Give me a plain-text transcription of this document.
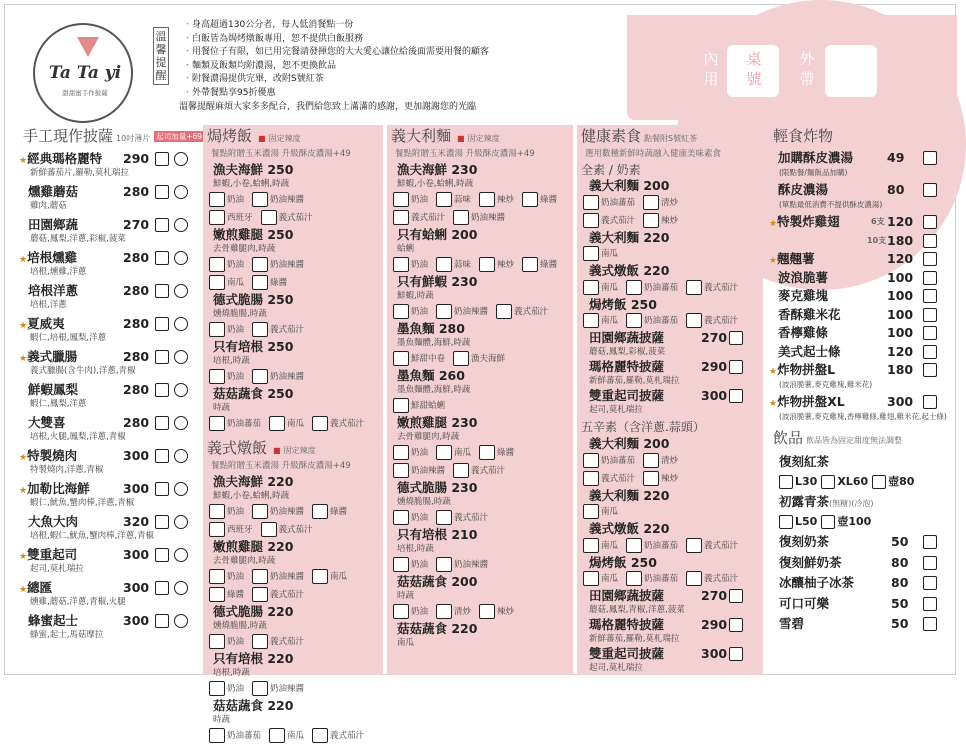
Ta Ta yi
甜甜蜜手作披薩
溫馨提醒
・身高超過130公分者，每人低消餐點一份
・白飯皆為焗烤燉飯專用，恕不提供白飯服務
・用餐位子有限，如已用完餐請發揮您的大大愛心讓位給後面需要用餐的顧客
・麵類及飯類均附濃湯，恕不更換飲品
・附餐濃湯提供完畢，改附S號紅茶
・外帶餐點享95折優惠
溫馨提醒麻煩大家多多配合，我們給您致上滿滿的感謝，更加謝謝您的光臨
內用
桌號
外帶
手工現作披薩 10吋薄片 起司加量+69
★經典瑪格麗特 290
新鮮蕃茄片,羅勒,莫札瑞拉
燻雞蘑菇	280
雞肉,蘑菇
田園鄉蔬	270
蘑菇,鳳梨,洋蔥,彩椒,菠菜
★培根燻雞	280
培根,燻雞,洋蔥
培根洋蔥	280
培根,洋蔥
★夏威夷	280
蝦仁,培根,鳳梨,洋蔥
★義式臘腸	280
義式臘腸(含牛肉),洋蔥,青椒
鮮蝦鳳梨	280
蝦仁,鳳梨,洋蔥
大雙喜	280
培根,火腿,鳳梨,洋蔥,青椒
★特製燒肉	300
特製燒肉,洋蔥,青椒
★加勒比海鮮	300
蝦仁,魷魚,蟹肉棒,洋蔥,青椒
大魚大肉	320
培根,蝦仁,魷魚,蟹肉棒,洋蔥,青椒
★雙重起司	300
起司,莫札瑞拉
★總匯	300
燻雞,蘑菇,洋蔥,青椒,火腿
蜂蜜起士	300
蜂蜜,起士,馬菇摩拉
焗烤飯 ■ 固定辣度
餐點附贈玉米濃湯 升級酥皮濃湯+49
漁夫海鮮 250
鮮蝦,小卷,蛤蜊,時蔬
奶油	奶油辣醬
西班牙	義式茄汁
嫩煎雞腿 250
去骨雞腿肉,時蔬
奶油	奶油辣醬
南瓜	綠醬
德式脆腸 250
燻燒脆腸,時蔬
奶油	義式茄汁
只有培根 250
培根,時蔬
奶油	奶油辣醬
菇菇蔬食 250
時蔬
奶油蕃茄	南瓜	義式茄汁
義式燉飯 ■ 固定辣度
餐點附贈玉米濃湯 升級酥皮濃湯+49
漁夫海鮮 220
鮮蝦,小卷,蛤蜊,時蔬
奶油	奶油辣醬	綠醬
西班牙	義式茄汁
嫩煎雞腿 220
去骨雞腿肉,時蔬
奶油	奶油辣醬	南瓜
綠醬	義式茄汁
德式脆腸 220
燻燒脆腸,時蔬
奶油	義式茄汁
只有培根 220
培根,時蔬
奶油	奶油辣醬
菇菇蔬食 220
時蔬
奶油蕃茄	南瓜	義式茄汁
義大利麵 ■ 固定辣度
餐點附贈玉米濃湯 升級酥皮濃湯+49
漁夫海鮮 230
鮮蝦,小卷,蛤蜊,時蔬
奶油	蒜味	辣炒	綠醬
義式茄汁	奶油辣醬
只有蛤蜊 200
蛤蜊
奶油	蒜味	辣炒	綠醬
只有鮮蝦 230
鮮蝦,時蔬
奶油	奶油辣醬	義式茄汁
墨魚麵 280
墨魚麵體,海鮮,時蔬
鮮甜中卷	漁夫海鮮
墨魚麵 260
墨魚麵體,海鮮,時蔬
鮮甜蛤蜊
嫩煎雞腿 230
去骨雞腿肉,時蔬
奶油	南瓜	綠醬
奶油辣醬	義式茄汁
德式脆腸 230
燻燒脆腸,時蔬
奶油	義式茄汁
只有培根 210
培根,時蔬
奶油	奶油辣醬
菇菇蔬食 200
時蔬
奶油	清炒	辣炒
菇菇蔬食 220
南瓜
健康素食 點餐附S號紅茶
選用數種新鮮時蔬融入健康美味素食
全素 / 奶素
義大利麵 200
奶油蕃茄	清炒
義式茄汁	辣炒
義大利麵 220
南瓜
義式燉飯 220
南瓜	奶油蕃茄	義式茄汁
焗烤飯 250
南瓜	奶油蕃茄	義式茄汁
田園鄉蔬披薩	270
蘑菇,鳳梨,彩椒,菠菜
瑪格麗特披薩	290
新鮮蕃茄,羅勒,莫札瑞拉
雙重起司披薩	300
起司,莫札瑞拉
五辛素（含洋蔥.蒜頭）
義大利麵 200
奶油蕃茄	清炒
義式茄汁	辣炒
義大利麵 220
南瓜
義式燉飯 220
南瓜	奶油蕃茄	義式茄汁
焗烤飯 250
南瓜	奶油蕃茄	義式茄汁
田園鄉蔬披薩	270
蘑菇,鳳梨,青椒,洋蔥,菠菜
瑪格麗特披薩	290
新鮮蕃茄,羅勒,莫札瑞拉
雙重起司披薩	300
起司,莫札瑞拉
輕食炸物
加購酥皮濃湯	49
(限點餐/麵飯品加購)
酥皮濃湯	80
(單點最低消費不提供酥皮濃湯)
★特製炸雞翅	6支 120
10支 180
★翹翹薯	120
波浪脆薯	100
麥克雞塊	100
香酥雞米花	100
香檸雞條	100
美式起士條	120
★炸物拼盤L	180
(波浪脆薯,麥克雞塊,雞米花)
★炸物拼盤XL	300
(波浪脆薯,麥克雞塊,香檸雞條,雞翅,雞米花,起士條)
飲品 飲品皆為固定甜度無法調整
復刻紅茶
L30 XL60 壺80
初露青茶(無糖)(冷泡)
L50 壺100
復刻奶茶	50
復刻鮮奶茶	80
冰釀柚子冰茶	80
可口可樂	50
雪碧	50
